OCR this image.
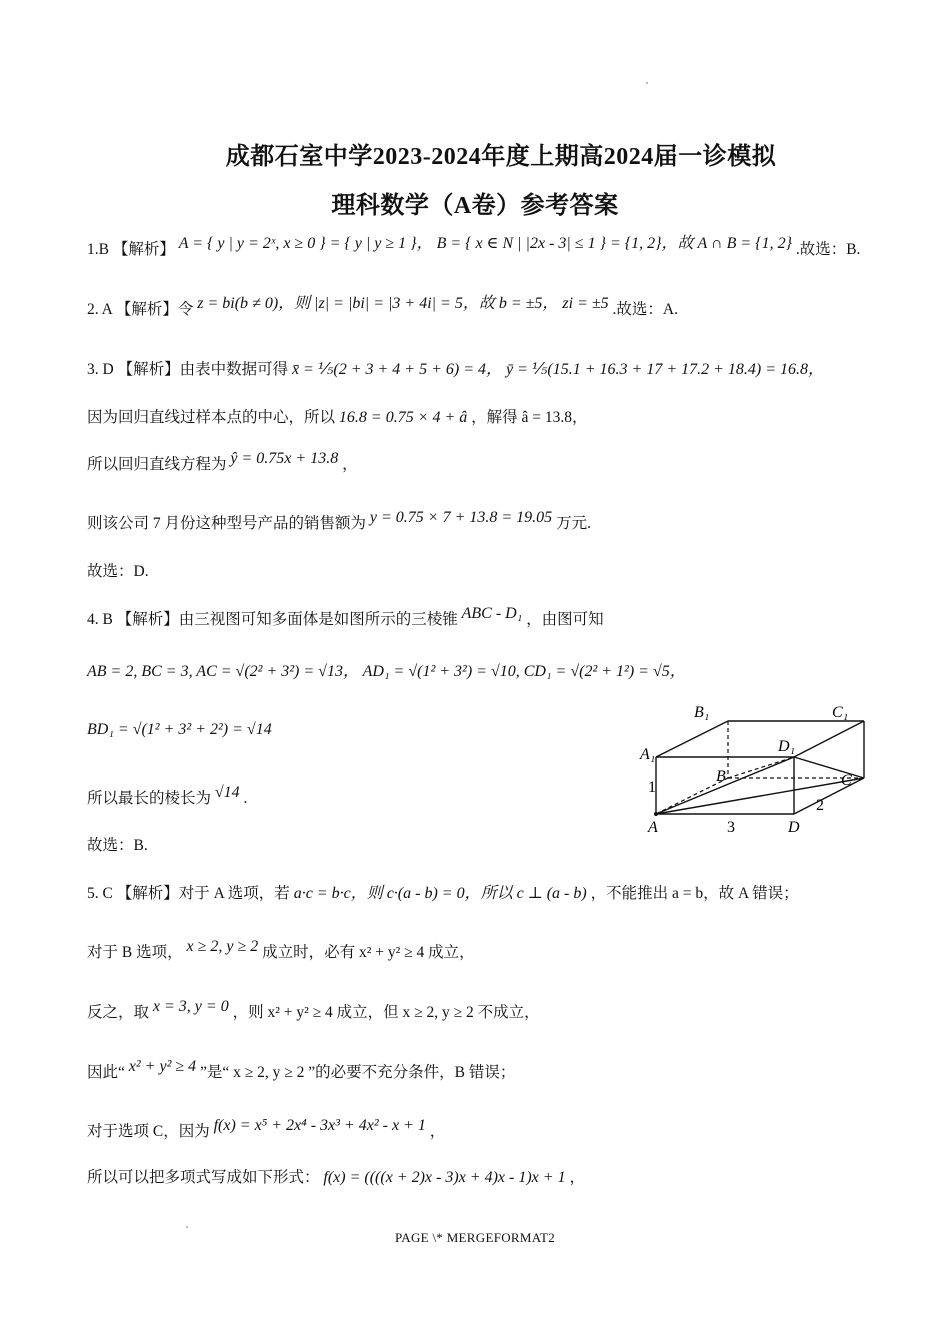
成都石室中学2023-2024年度上期高2024届一诊模拟
理科数学（A卷）参考答案
1.B 【解析】 A = { y | y = 2ˣ, x ≥ 0 } = { y | y ≥ 1 }， B = { x ∈ N | |2x - 3| ≤ 1 } = {1, 2}，故 A ∩ B = {1, 2} .故选：B.
2. A 【解析】令 z = bi(b ≠ 0)，则 |z| = |bi| = |3 + 4i| = 5，故 b = ±5， zi = ±5 .故选：A.
3. D 【解析】由表中数据可得 x̄ = ⅕(2 + 3 + 4 + 5 + 6) = 4， ȳ = ⅕(15.1 + 16.3 + 17 + 17.2 + 18.4) = 16.8，
因为回归直线过样本点的中心，所以 16.8 = 0.75 × 4 + â ，解得 â = 13.8，
所以回归直线方程为 ŷ = 0.75x + 13.8 ，
则该公司 7 月份这种型号产品的销售额为 y = 0.75 × 7 + 13.8 = 19.05 万元.
故选：D.
4. B 【解析】由三视图可知多面体是如图所示的三棱锥 ABC - D₁ ，由图可知
AB = 2, BC = 3, AC = √(2² + 3²) = √13， AD₁ = √(1² + 3²) = √10, CD₁ = √(2² + 1²) = √5，
BD₁ = √(1² + 3² + 2²) = √14
所以最长的棱长为 √14 .
故选：B.
5. C 【解析】对于 A 选项，若 a·c = b·c，则 c·(a - b) = 0，所以 c ⊥ (a - b) ，不能推出 a = b，故 A 错误；
对于 B 选项， x ≥ 2, y ≥ 2 成立时，必有 x² + y² ≥ 4 成立，
反之，取 x = 3, y = 0 ，则 x² + y² ≥ 4 成立，但 x ≥ 2, y ≥ 2 不成立，
因此“ x² + y² ≥ 4 ”是“ x ≥ 2, y ≥ 2 ”的必要不充分条件，B 错误；
对于选项 C，因为 f(x) = x⁵ + 2x⁴ - 3x³ + 4x² - x + 1 ，
所以可以把多项式写成如下形式： f(x) = ((((x + 2)x - 3)x + 4)x - 1)x + 1 ，
B₁	C₁
A₁	D₁
B	C
A	D
1
3
2
PAGE \* MERGEFORMAT2
